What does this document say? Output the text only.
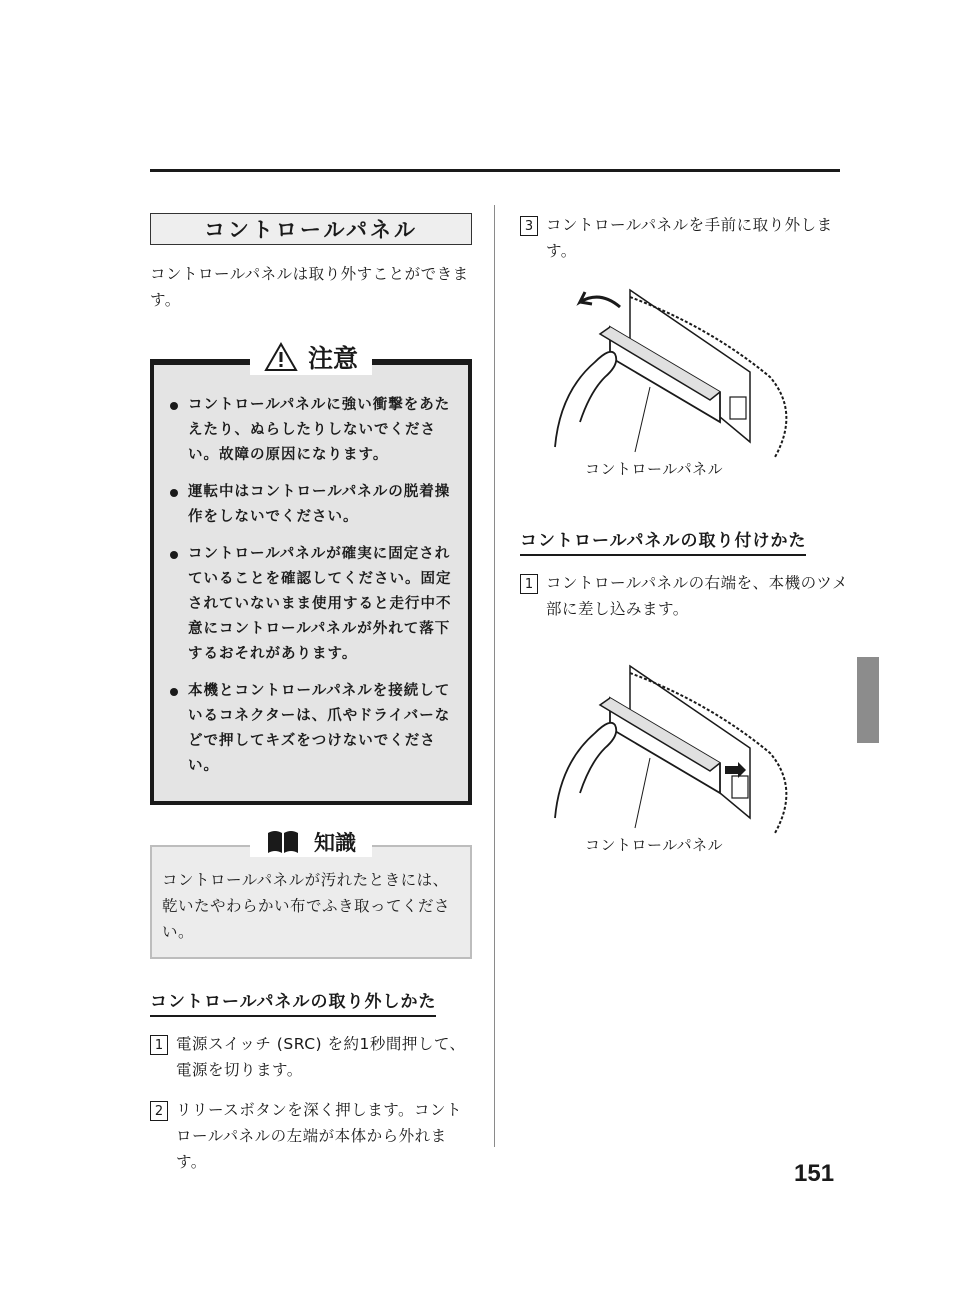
コントロールパネル

コントロールパネルは取り外すことができます。

注意
コントロールパネルに強い衝撃をあたえたり、ぬらしたりしないでください。故障の原因になります。
運転中はコントロールパネルの脱着操作をしないでください。
コントロールパネルが確実に固定されていることを確認してください。固定されていないまま使用すると走行中不意にコントロールパネルが外れて落下するおそれがあります。
本機とコントロールパネルを接続しているコネクターは、爪やドライバーなどで押してキズをつけないでください。
知識

コントロールパネルが汚れたときには、乾いたやわらかい布でふき取ってください。

コントロールパネルの取り外しかた
1 電源スイッチ (SRC) を約1秒間押して、電源を切ります。
2 リリースボタンを深く押します。コントロールパネルの左端が本体から外れます。
3 コントロールパネルを手前に取り外します。
コントロールパネル
コントロールパネルの取り付けかた
1 コントロールパネルの右端を、本機のツメ部に差し込みます。
コントロールパネル
151
